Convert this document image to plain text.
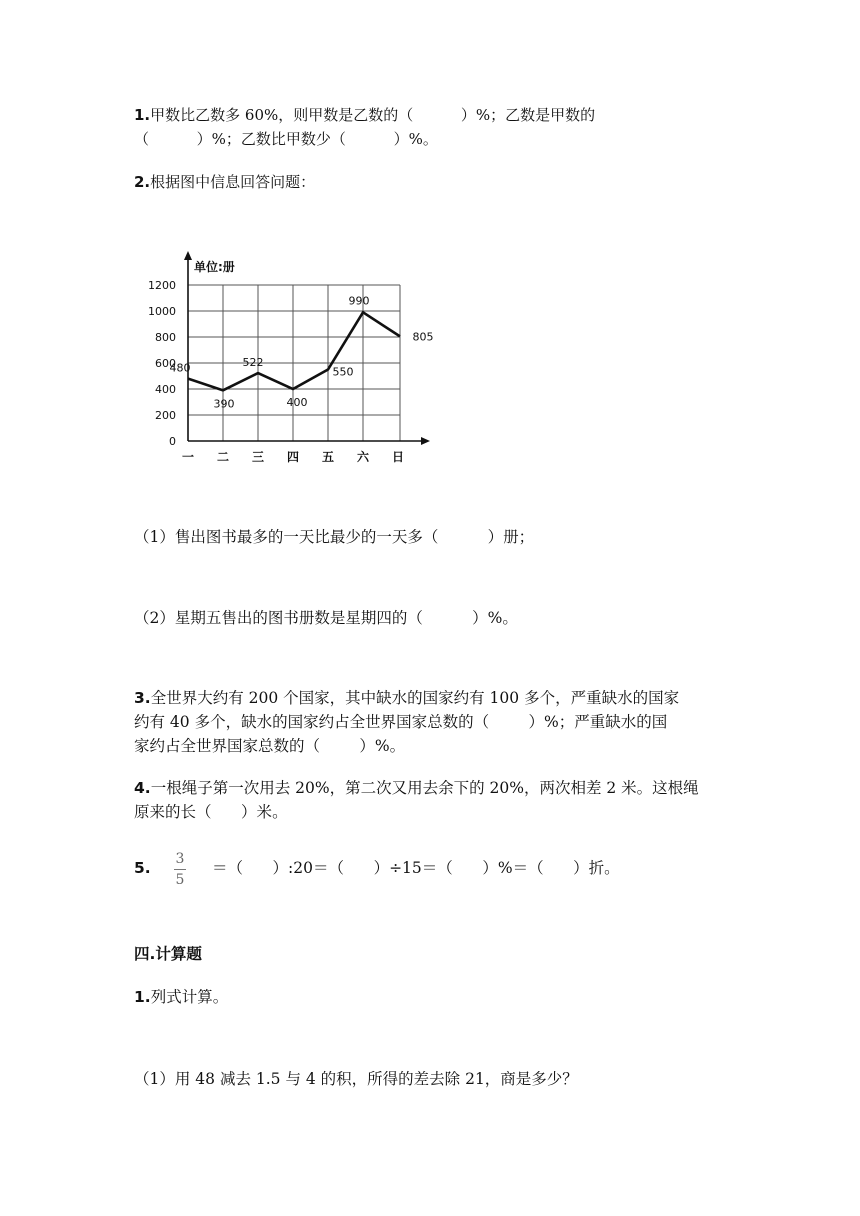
1.甲数比乙数多 60%，则甲数是乙数的（          ）%；乙数是甲数的

（          ）%；乙数比甲数少（          ）%。

2.根据图中信息回答问题：

0
200
400
600
800
1000
1200
一 二 三 四 五 六 日
480
390
522
400
550
990
805
单位:册

（1）售出图书最多的一天比最少的一天多（          ）册；

（2）星期五售出的图书册数是星期四的（          ）%。

3.全世界大约有 200 个国家，其中缺水的国家约有 100 多个，严重缺水的国家

约有 40 多个，缺水的国家约占全世界国家总数的（        ）%；严重缺水的国

家约占全世界国家总数的（        ）%。

4.一根绳子第一次用去 20%，第二次又用去余下的 20%，两次相差 2 米。这根绳

原来的长（      ）米。

5. 3
5

＝（      ）:20＝（      ）÷15＝（      ）%＝（      ）折。

四.计算题

1.列式计算。

（1）用 48 减去 1.5 与 4 的积，所得的差去除 21，商是多少？
